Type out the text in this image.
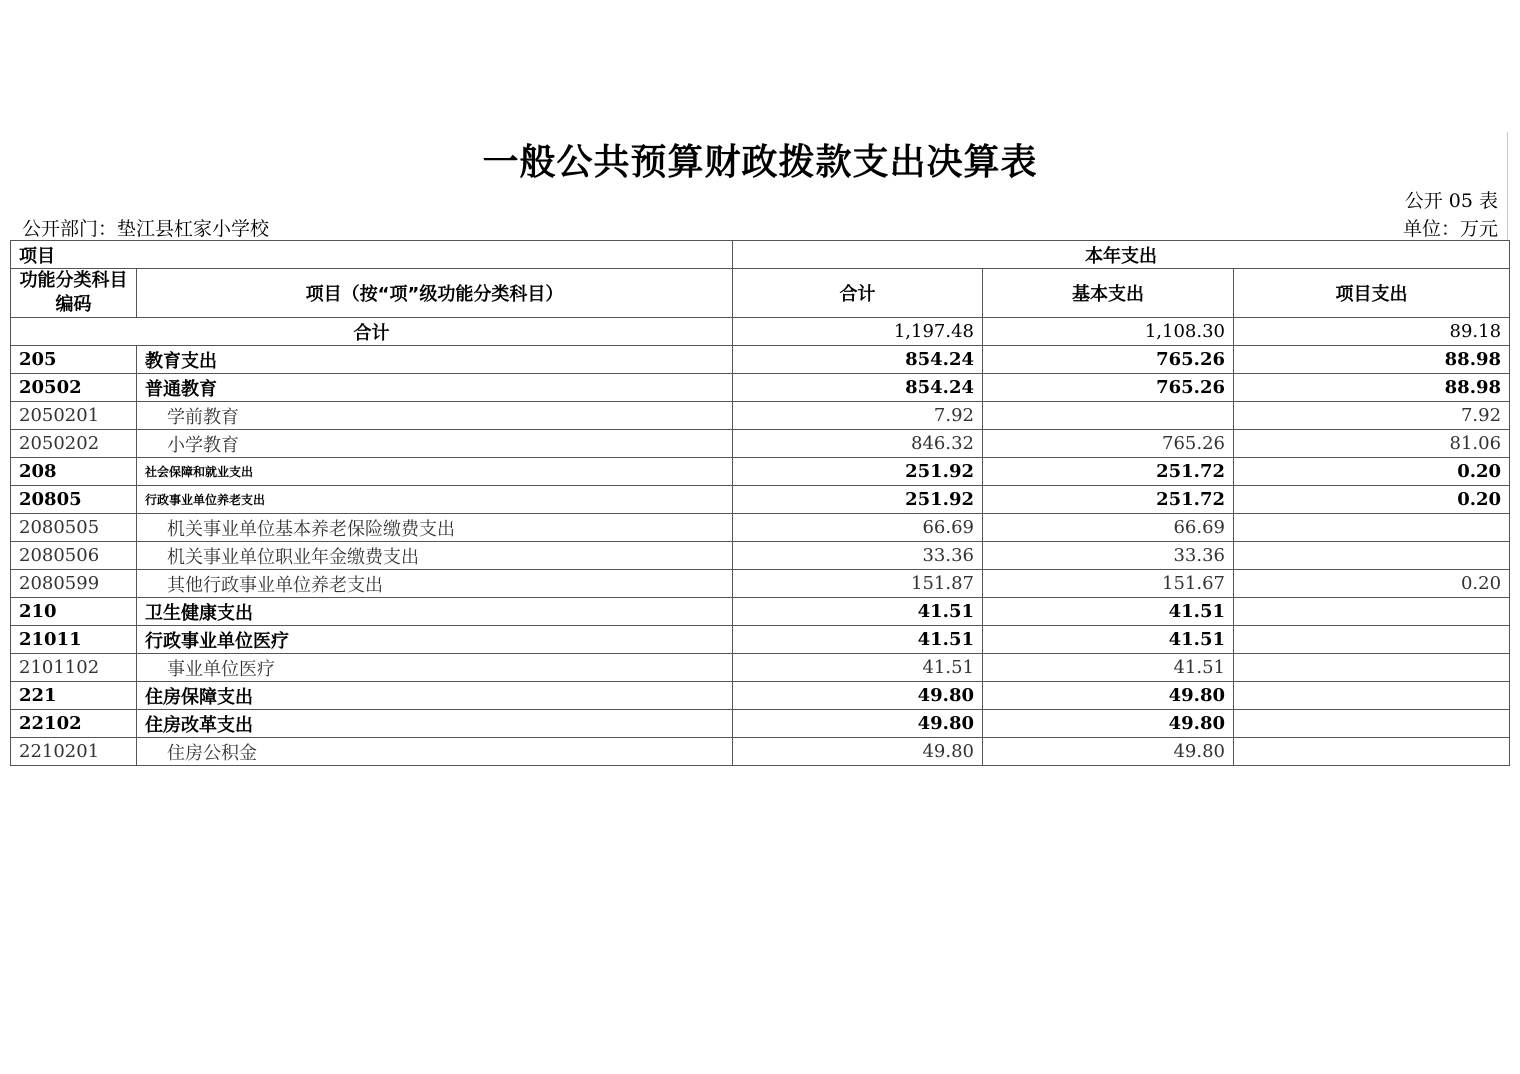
一般公共预算财政拨款支出决算表
公开 05 表
公开部门：垫江县杠家小学校	单位：万元
项目		本年支出		
功能分类科目编码	项目（按“项”级功能分类科目）	合计	基本支出	项目支出
合计		1,197.48	1,108.30	89.18
205	教育支出	854.24	765.26	88.98
20502	普通教育	854.24	765.26	88.98
2050201	学前教育	7.92		7.92
2050202	小学教育	846.32	765.26	81.06
208	社会保障和就业支出	251.92	251.72	0.20
20805	行政事业单位养老支出	251.92	251.72	0.20
2080505	机关事业单位基本养老保险缴费支出	66.69	66.69	
2080506	机关事业单位职业年金缴费支出	33.36	33.36	
2080599	其他行政事业单位养老支出	151.87	151.67	0.20
210	卫生健康支出	41.51	41.51	
21011	行政事业单位医疗	41.51	41.51	
2101102	事业单位医疗	41.51	41.51	
221	住房保障支出	49.80	49.80	
22102	住房改革支出	49.80	49.80	
2210201	住房公积金	49.80	49.80	
